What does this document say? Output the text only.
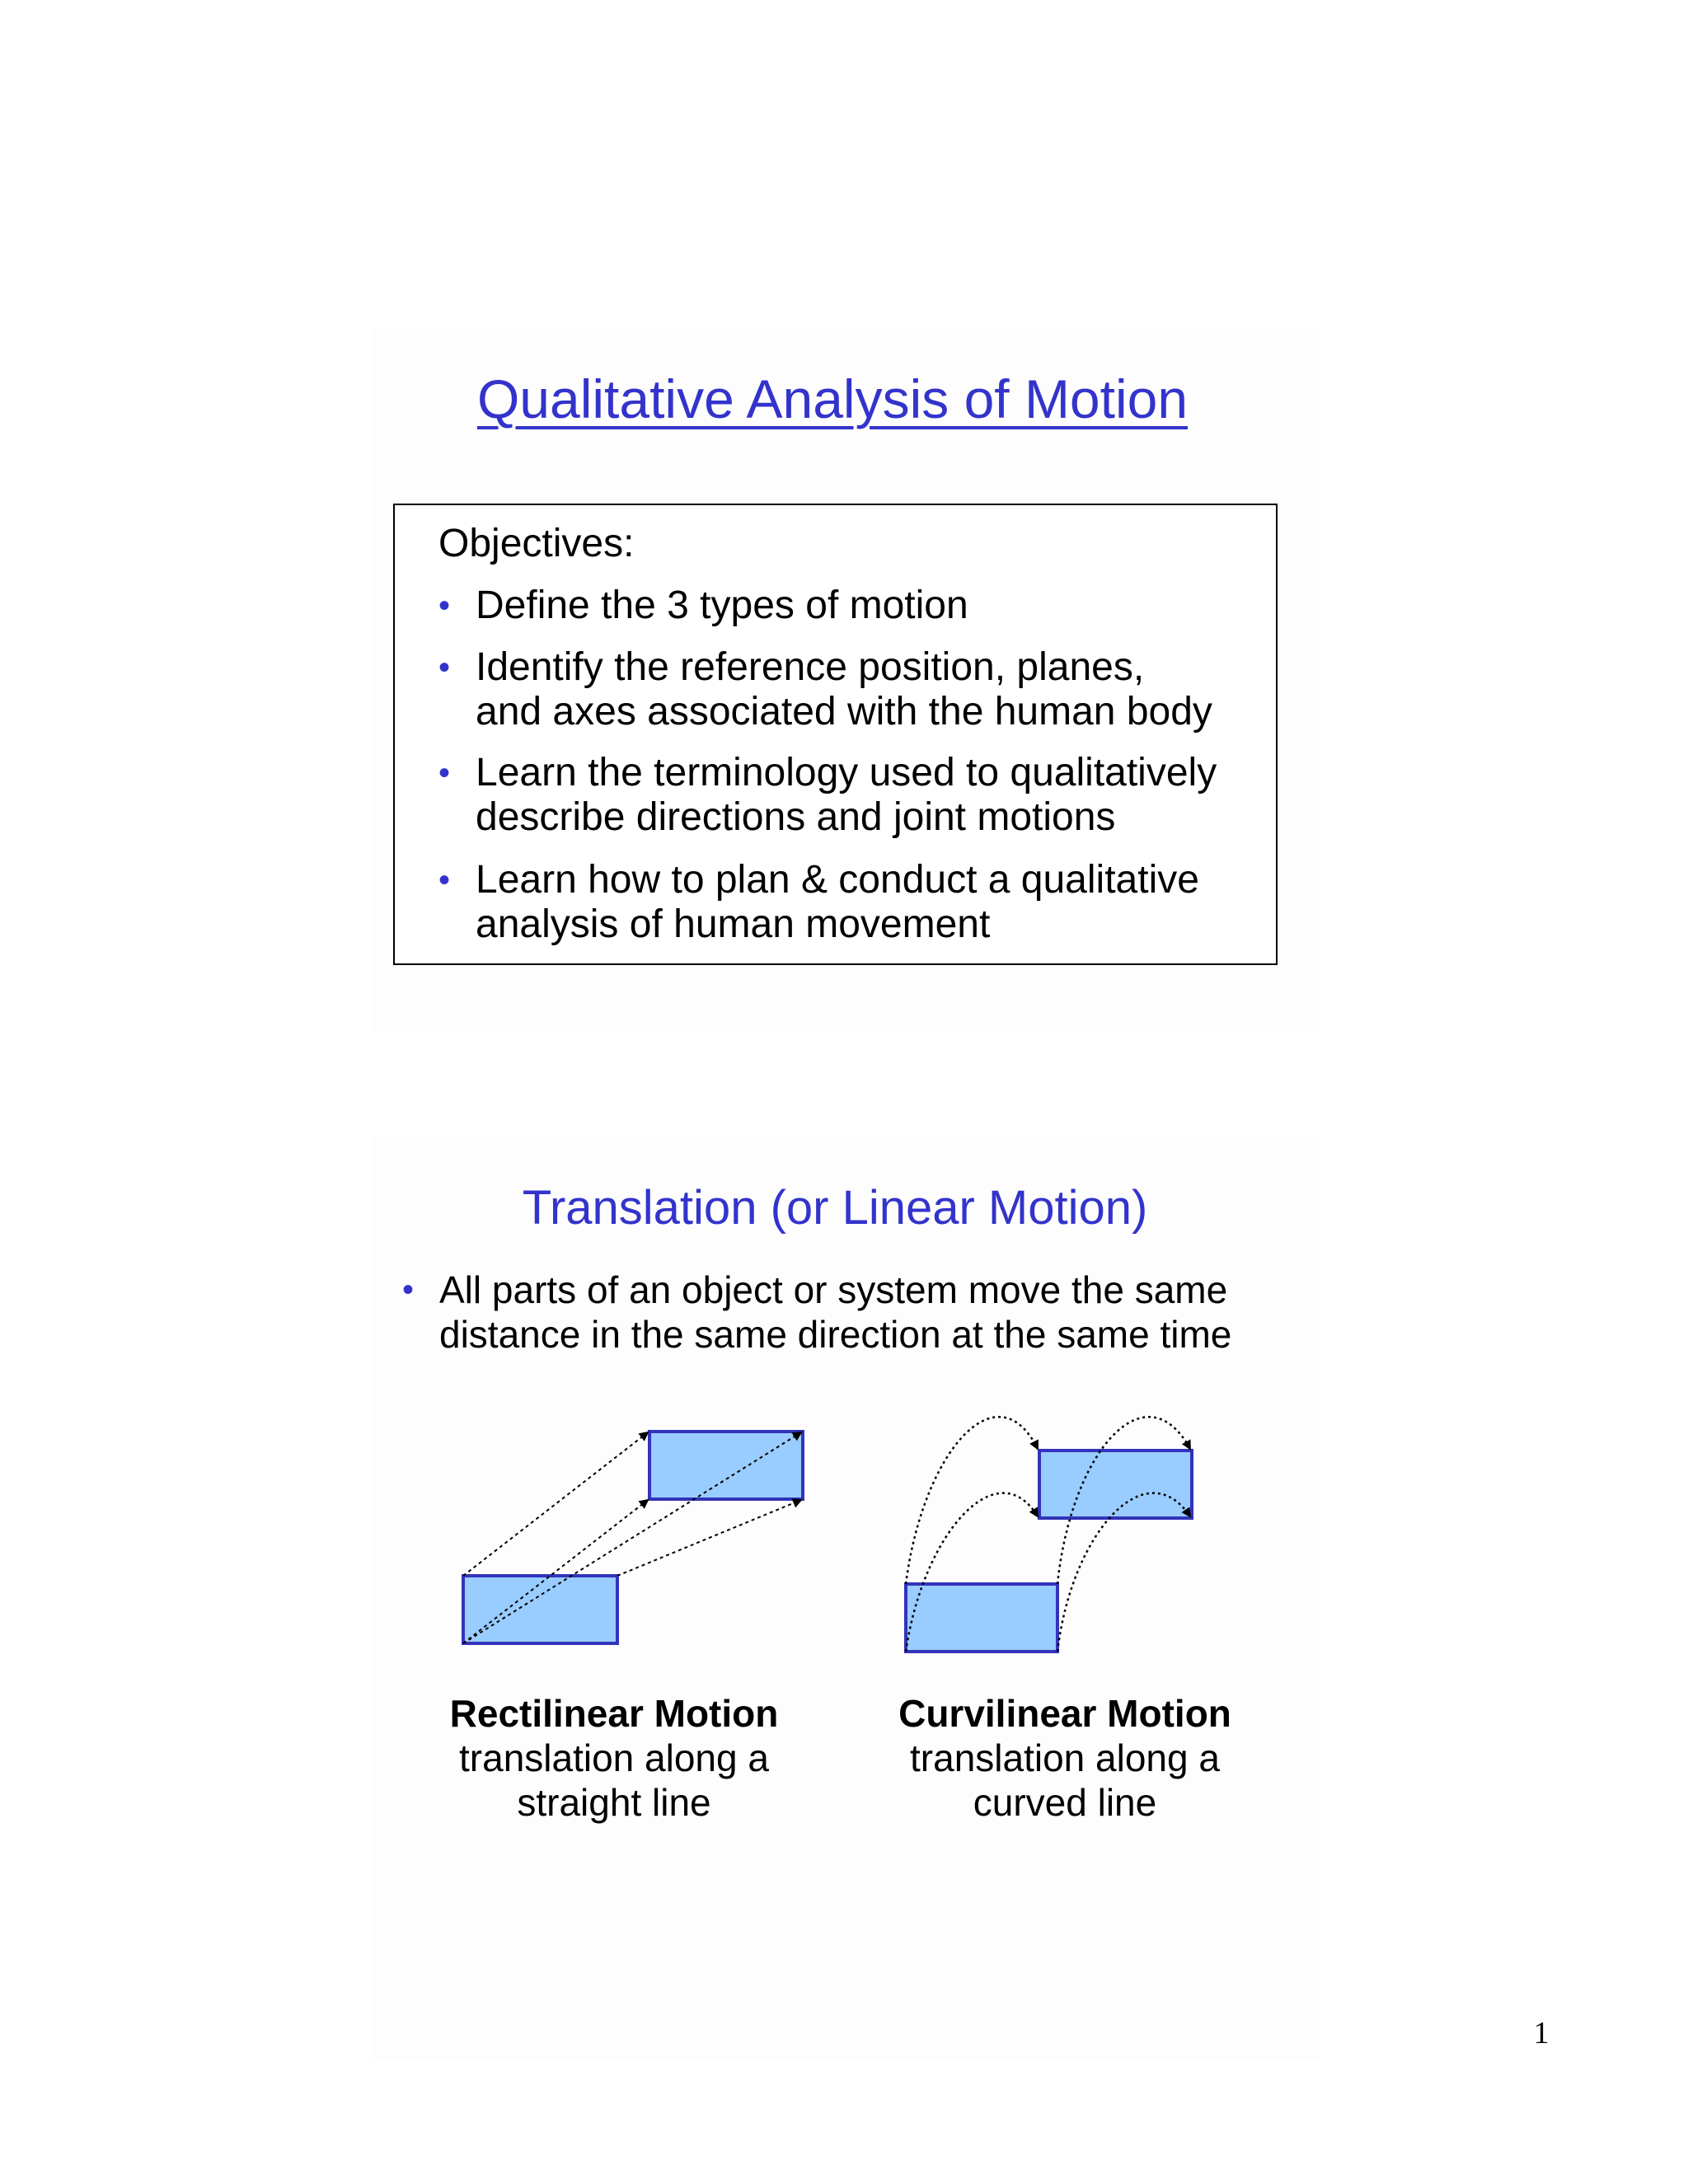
Qualitative Analysis of Motion
Objectives:
• Define the 3 types of motion
• Identify the reference position, planes,
and axes associated with the human body
• Learn the terminology used to qualitatively
describe directions and joint motions
• Learn how to plan & conduct a qualitative
analysis of human movement
Translation (or Linear Motion)
• All parts of an object or system move the same
distance in the same direction at the same time
Rectilinear Motion
translation along a
straight line
Curvilinear Motion
translation along a
curved line
1
